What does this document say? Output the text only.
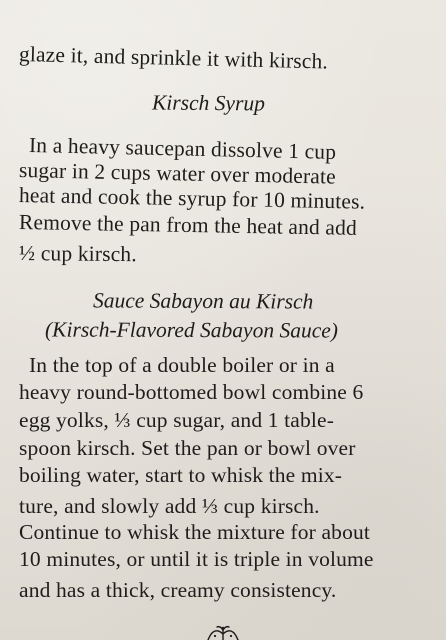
glaze it, and sprinkle it with kirsch.
Kirsch Syrup
In a heavy saucepan dissolve 1 cup
sugar in 2 cups water over moderate
heat and cook the syrup for 10 minutes.
Remove the pan from the heat and add
½ cup kirsch.
Sauce Sabayon au Kirsch
(Kirsch-Flavored Sabayon Sauce)
In the top of a double boiler or in a
heavy round-bottomed bowl combine 6
egg yolks, ⅓ cup sugar, and 1 table-
spoon kirsch. Set the pan or bowl over
boiling water, start to whisk the mix-
ture, and slowly add ⅓ cup kirsch.
Continue to whisk the mixture for about
10 minutes, or until it is triple in volume
and has a thick, creamy consistency.
